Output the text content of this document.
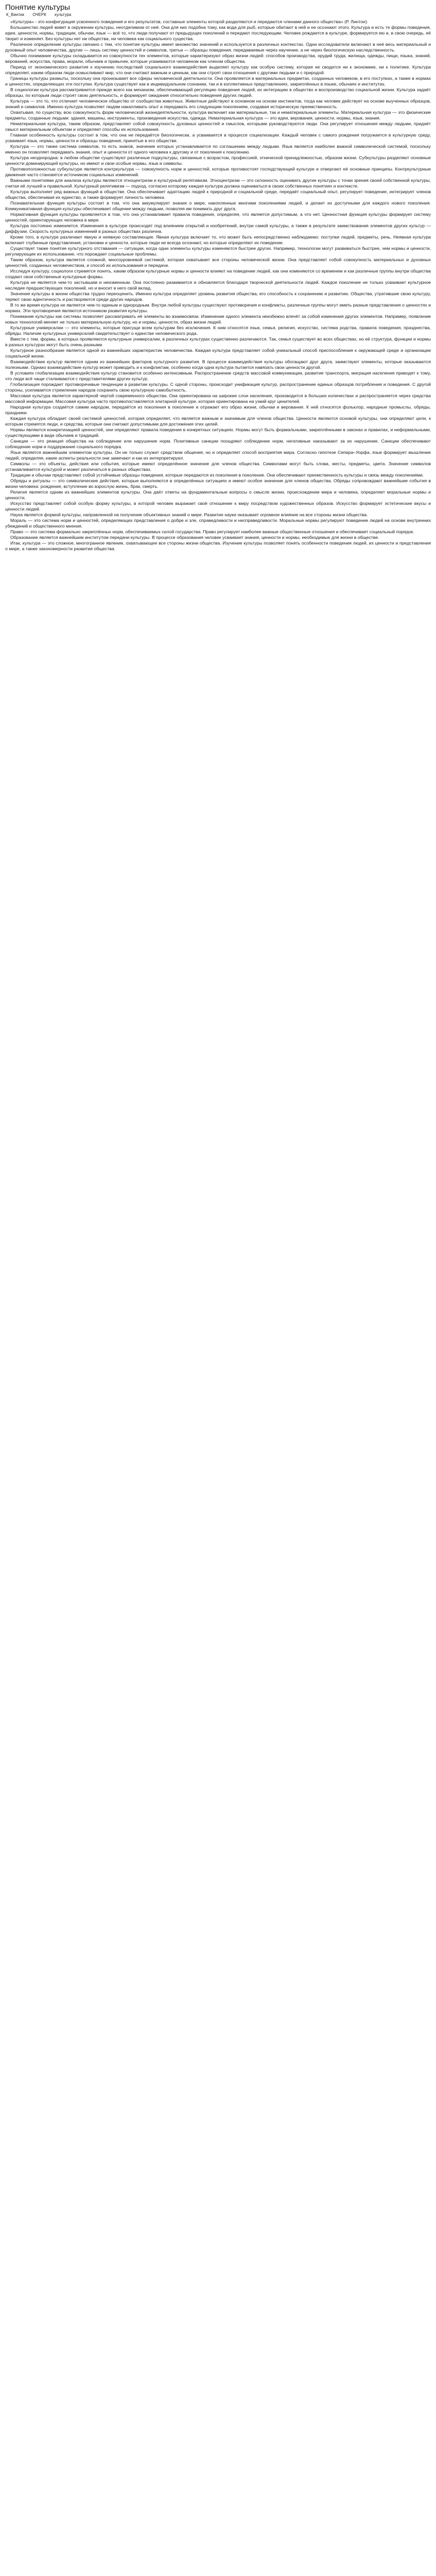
Понятие культуры
К_Винтик ОЧЕРК культура

«Культура» - это конфигурация усвоенного поведения и его результатов, составные элементы которой разделяются и передаются членами данного общества» (Р. Линтон).

Большинство людей живет в окружении культуры, неотделимом от неё. Она для них подобна тому, как вода для рыб, которые обитают в ней и не осознают этого. Культура и есть те формы поведения, идеи, ценности, нормы, традиции, обычаи, язык — всё то, что люди получают от предыдущих поколений и передают последующим. Человек рождается в культуре, формируется ею и, в свою очередь, её творит и изменяет. Без культуры нет ни общества, ни человека как социального существа.

Различное определение культуры связано с тем, что понятие культуры имеет множество значений и используется в различных контекстах. Одни исследователи включают в неё весь материальный и духовный опыт человечества, другие — лишь систему ценностей и символов, третьи — образцы поведения, передаваемые через научение, а не через биологическую наследственность.

Обычно понимание культуры складывается из совокупности тех элементов, которые характеризуют образ жизни людей: способов производства, орудий труда, жилища, одежды, пищи, языка, знаний, верований, искусства, права, морали, обычаев и привычек, которые усваиваются человеком как членом общества.

Период от экономического развития к изучению последствий социального взаимодействия выделяет культуру как особую систему, которая не сводится ни к экономике, ни к политике. Культура определяет, каким образом люди осмысливают мир, что они считают важным и ценным, как они строят свои отношения с другими людьми и с природой.

Границы культуры размыты, поскольку она пронизывает все сферы человеческой деятельности. Она проявляется в материальных предметах, созданных человеком, в его поступках, а также в нормах и ценностях, определяющих эти поступки. Культура существует как в индивидуальном сознании, так и в коллективных представлениях, закреплённых в языке, обычаях и институтах.

В социологии культура рассматривается прежде всего как механизм, обеспечивающий регуляцию поведения людей, их интеграцию в общество и воспроизводство социальной жизни. Культура задаёт образцы, по которым люди строят свою деятельность, и формирует ожидания относительно поведения других людей.

Культура — это то, что отличает человеческое общество от сообщества животных. Животные действуют в основном на основе инстинктов, тогда как человек действует на основе выученных образцов, знаний и символов. Именно культура позволяет людям накапливать опыт и передавать его следующим поколениям, создавая историческую преемственность.

Охватывая, по существу, всю совокупность форм человеческой жизнедеятельности, культура включает как материальные, так и нематериальные элементы. Материальная культура — это физические предметы, созданные людьми: здания, машины, инструменты, произведения искусства, одежда. Нематериальная культура — это идеи, верования, ценности, нормы, язык, знания.

Нематериальная культура, таким образом, представляет собой совокупность духовных ценностей и смыслов, которыми руководствуются люди. Она регулирует отношения между людьми, придаёт смысл материальным объектам и определяет способы их использования.

Главная особенность культуры состоит в том, что она не передаётся биологически, а усваивается в процессе социализации. Каждый человек с самого рождения погружается в культурную среду, усваивает язык, нормы, ценности и образцы поведения, принятые в его обществе.

Культура — это также система символов, то есть знаков, значение которых устанавливается по соглашению между людьми. Язык является наиболее важной символической системой, поскольку именно он позволяет передавать знания, опыт и ценности от одного человека к другому и от поколения к поколению.

Культура неоднородна: в любом обществе существуют различные подкультуры, связанные с возрастом, профессией, этнической принадлежностью, образом жизни. Субкультуры разделяют основные ценности доминирующей культуры, но имеют и свои особые нормы, язык и символы.

Противоположностью субкультуре является контркультура — совокупность норм и ценностей, которые противостоят господствующей культуре и отвергают её основные принципы. Контркультурные движения часто становятся источником социальных изменений.

Важными понятиями для анализа культуры являются этноцентризм и культурный релятивизм. Этноцентризм — это склонность оценивать другие культуры с точки зрения своей собственной культуры, считая её лучшей и правильной. Культурный релятивизм — подход, согласно которому каждая культура должна оцениваться в своих собственных понятиях и контексте.

Культура выполняет ряд важных функций в обществе. Она обеспечивает адаптацию людей к природной и социальной среде, передаёт социальный опыт, регулирует поведение, интегрирует членов общества, обеспечивая их единство, а также формирует личность человека.

Познавательная функция культуры состоит в том, что она аккумулирует знания о мире, накопленные многими поколениями людей, и делает их доступными для каждого нового поколения. Коммуникативная функция культуры обеспечивает общение между людьми, позволяя им понимать друг друга.

Нормативная функция культуры проявляется в том, что она устанавливает правила поведения, определяя, что является допустимым, а что нет. Ценностная функция культуры формирует систему ценностей, ориентирующих человека в мире.

Культура постоянно изменяется. Изменения в культуре происходят под влиянием открытий и изобретений, внутри самой культуры, а также в результате заимствования элементов других культур — диффузии. Скорость культурных изменений в разных обществах различна.

Кроме того, в культуре различают явную и неявную составляющие. Явная культура включает то, что может быть непосредственно наблюдаемо: поступки людей, предметы, речь. Неявная культура включает глубинные представления, установки и ценности, которые люди не всегда осознают, но которые определяют их поведение.

Существует также понятие культурного отставания — ситуации, когда одни элементы культуры изменяются быстрее других. Например, технологии могут развиваться быстрее, чем нормы и ценности, регулирующие их использование, что порождает социальные проблемы.

Таким образом, культура является сложной, многоуровневой системой, которая охватывает все стороны человеческой жизни. Она представляет собой совокупность материальных и духовных ценностей, созданных человечеством, и способ их использования и передачи.

Исследуя культуру, социологи стремятся понять, каким образом культурные нормы и ценности влияют на поведение людей, как они изменяются со временем и как различные группы внутри общества создают свои собственные культурные формы.

Культура не является чем-то застывшим и неизменным. Она постоянно развивается и обновляется благодаря творческой деятельности людей. Каждое поколение не только усваивает культурное наследие предшествующих поколений, но и вносит в него свой вклад.

Значение культуры в жизни общества трудно переоценить. Именно культура определяет уровень развития общества, его способность к сохранению и развитию. Общества, утратившие свою культуру, теряют свою идентичность и растворяются среди других народов.

В то же время культура не является чем-то единым и однородным. Внутри любой культуры существуют противоречия и конфликты, различные группы могут иметь разные представления о ценностях и нормах. Эти противоречия являются источником развития культуры.

Понимание культуры как системы позволяет рассматривать её элементы во взаимосвязи. Изменение одного элемента неизбежно влечёт за собой изменения других элементов. Например, появление новых технологий меняет не только материальную культуру, но и нормы, ценности, образ жизни людей.

Культурные универсалии — это элементы, которые присущи всем культурам без исключения. К ним относятся язык, семья, религия, искусство, система родства, правила поведения, празднества, обряды. Наличие культурных универсалий свидетельствует о единстве человеческого рода.

Вместе с тем, формы, в которых проявляются культурные универсалии, в различных культурах существенно различаются. Так, семья существует во всех обществах, но её структура, функции и нормы в разных культурах могут быть очень разными.

Культурное разнообразие является одной из важнейших характеристик человечества. Каждая культура представляет собой уникальный способ приспособления к окружающей среде и организации социальной жизни.

Взаимодействие культур является одним из важнейших факторов культурного развития. В процессе взаимодействия культуры обогащают друг друга, заимствуют элементы, которые оказываются полезными. Однако взаимодействие культур может приводить и к конфликтам, особенно когда одна культура пытается навязать свои ценности другой.

В условиях глобализации взаимодействие культур становится особенно интенсивным. Распространение средств массовой коммуникации, развитие транспорта, миграция населения приводят к тому, что люди всё чаще сталкиваются с представителями других культур.

Глобализация порождает противоречивые тенденции в развитии культуры. С одной стороны, происходит унификация культур, распространение единых образцов потребления и поведения. С другой стороны, усиливается стремление народов сохранить свою культурную самобытность.

Массовая культура является характерной чертой современного общества. Она ориентирована на широкие слои населения, производится в больших количествах и распространяется через средства массовой информации. Массовая культура часто противопоставляется элитарной культуре, которая ориентирована на узкий круг ценителей.

Народная культура создаётся самим народом, передаётся из поколения в поколение и отражает его образ жизни, обычаи и верования. К ней относятся фольклор, народные промыслы, обряды, праздники.

Каждая культура обладает своей системой ценностей, которая определяет, что является важным и значимым для членов общества. Ценности являются основой культуры, они определяют цели, к которым стремятся люди, и средства, которые они считают допустимыми для достижения этих целей.

Нормы являются конкретизацией ценностей, они определяют правила поведения в конкретных ситуациях. Нормы могут быть формальными, закреплёнными в законах и правилах, и неформальными, существующими в виде обычаев и традиций.

Санкции — это реакция общества на соблюдение или нарушение норм. Позитивные санкции поощряют соблюдение норм, негативные наказывают за их нарушение. Санкции обеспечивают соблюдение норм и поддержание социального порядка.

Язык является важнейшим элементом культуры. Он не только служит средством общения, но и определяет способ восприятия мира. Согласно гипотезе Сепира–Уорфа, язык формирует мышление людей, определяя, какие аспекты реальности они замечают и как их интерпретируют.

Символы — это объекты, действия или события, которые имеют определённое значение для членов общества. Символами могут быть слова, жесты, предметы, цвета. Значение символов устанавливается культурой и может различаться в разных обществах.

Традиции и обычаи представляют собой устойчивые образцы поведения, которые передаются из поколения в поколение. Они обеспечивают преемственность культуры и связь между поколениями.

Обряды и ритуалы — это символические действия, которые выполняются в определённых ситуациях и имеют особое значение для членов общества. Обряды сопровождают важнейшие события в жизни человека: рождение, вступление во взрослую жизнь, брак, смерть.

Религия является одним из важнейших элементов культуры. Она даёт ответы на фундаментальные вопросы о смысле жизни, происхождении мира и человека, определяет моральные нормы и ценности.

Искусство представляет собой особую форму культуры, в которой человек выражает своё отношение к миру посредством художественных образов. Искусство формирует эстетические вкусы и ценности людей.

Наука является формой культуры, направленной на получение объективных знаний о мире. Развитие науки оказывает огромное влияние на все стороны жизни общества.

Мораль — это система норм и ценностей, определяющих представления о добре и зле, справедливости и несправедливости. Моральные нормы регулируют поведение людей на основе внутренних убеждений и общественного мнения.

Право — это система формально закреплённых норм, обеспечиваемых силой государства. Право регулирует наиболее важные общественные отношения и обеспечивает социальный порядок.

Образование является важнейшим институтом передачи культуры. В процессе образования человек усваивает знания, ценности и нормы, необходимые для жизни в обществе.

Итак, культура — это сложное, многогранное явление, охватывающее все стороны жизни общества. Изучение культуры позволяет понять особенности поведения людей, их ценности и представления о мире, а также закономерности развития общества.
